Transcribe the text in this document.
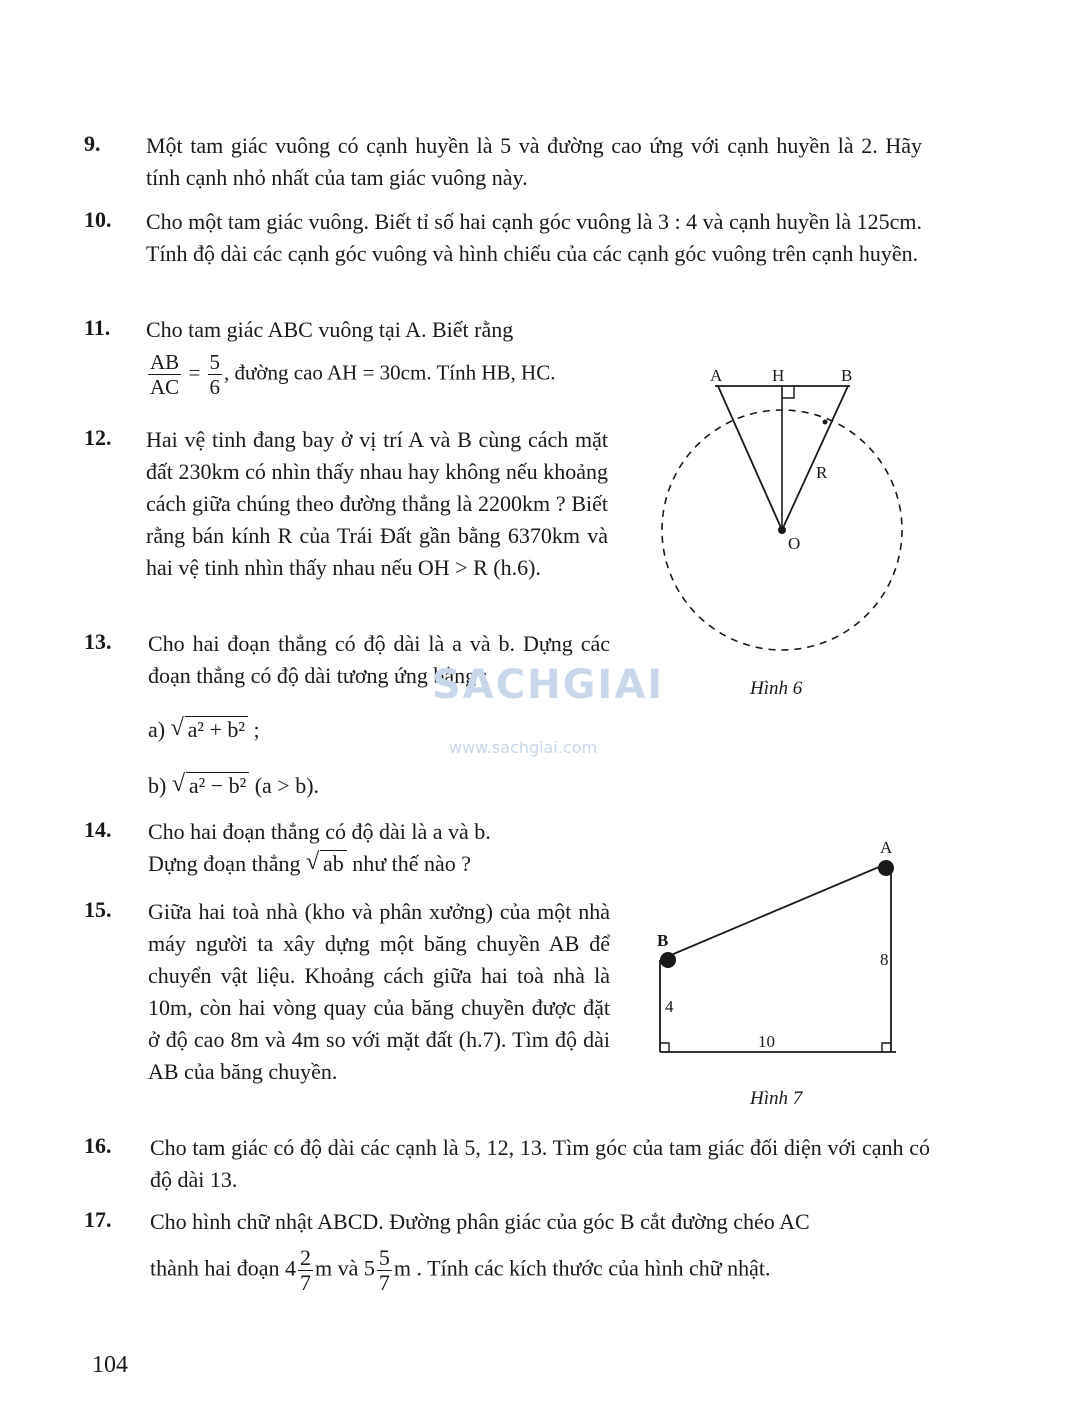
9. Một tam giác vuông có cạnh huyền là 5 và đường cao ứng với cạnh huyền là 2. Hãy tính cạnh nhỏ nhất của tam giác vuông này.
10. Cho một tam giác vuông. Biết tỉ số hai cạnh góc vuông là 3 : 4 và cạnh huyền là 125cm. Tính độ dài các cạnh góc vuông và hình chiếu của các cạnh góc vuông trên cạnh huyền.
11. Cho tam giác ABC vuông tại A. Biết rằng
$\frac{AB}{AC} = \frac{5}{6}$ , đường cao AH = 30cm. Tính HB, HC.
12. Hai vệ tinh đang bay ở vị trí A và B cùng cách mặt đất 230km có nhìn thấy nhau hay không nếu khoảng cách giữa chúng theo đường thẳng là 2200km ? Biết rằng bán kính R của Trái Đất gần bằng 6370km và hai vệ tinh nhìn thấy nhau nếu OH > R (h.6).
13. Cho hai đoạn thẳng có độ dài là a và b. Dựng các đoạn thẳng có độ dài tương ứng bằng :
a) √ a² + b² ;
b) √ a² − b² (a > b).
14. Cho hai đoạn thẳng có độ dài là a và b.
Dựng đoạn thẳng √ ab như thế nào ?
15. Giữa hai toà nhà (kho và phân xưởng) của một nhà máy người ta xây dựng một băng chuyền AB để chuyển vật liệu. Khoảng cách giữa hai toà nhà là 10m, còn hai vòng quay của băng chuyền được đặt ở độ cao 8m và 4m so với mặt đất (h.7). Tìm độ dài AB của băng chuyền.
16. Cho tam giác có độ dài các cạnh là 5, 12, 13. Tìm góc của tam giác đối diện với cạnh có độ dài 13.
17. Cho hình chữ nhật ABCD. Đường phân giác của góc B cắt đường chéo AC
thành hai đoạn $4 \frac{2}{7}$ m và $5 \frac{5}{7}$ m . Tính các kích thước của hình chữ nhật.
A	H	B
R
O
A
B
8
4
10
Hình 6
Hình 7
SACHGIAI
www.sachgiai.com
104
